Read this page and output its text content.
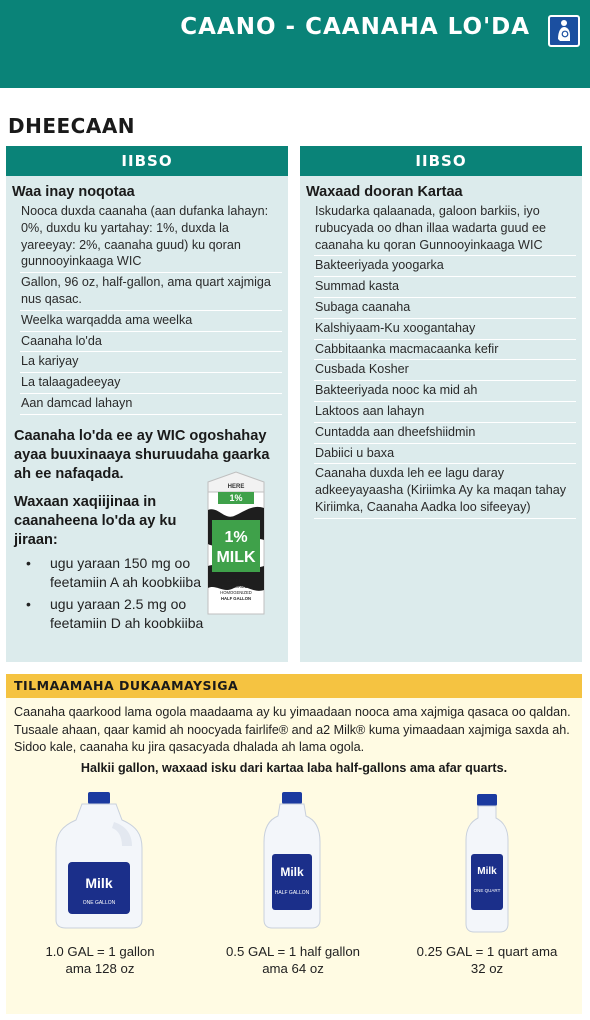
CAANO - CAANAHA LO'DA
DHEECAAN
IIBSO
Waa inay noqotaa
Nooca duxda caanaha (aan dufanka lahayn: 0%, duxdu ku yartahay: 1%, duxda la yareeyay: 2%, caanaha guud) ku qoran gunnooyinkaaga WIC
Gallon, 96 oz, half-gallon, ama quart xajmiga nus qasac.
Weelka warqadda ama weelka
Caanaha lo'da
La kariyay
La talaagadeeyay
Aan damcad lahayn
Caanaha lo'da ee ay WIC ogoshahay ayaa buuxinaaya shuruudaha gaarka ah ee nafaqada.
Waxaan xaqiijinaa in caanaheena lo'da ay ku jiraan:
• ugu yaraan 150 mg oo feetamiin A ah koobkiiba
• ugu yaraan 2.5 mg oo feetamiin D ah koobkiiba
HERE
1%
1%
MILK
GRADE A
PASTEURIZED
HOMOGENIZED
HALF GALLON
IIBSO
Waxaad dooran Kartaa
Iskudarka qalaanada, galoon barkiis, iyo rubucyada oo dhan illaa wadarta guud ee caanaha ku qoran Gunnooyinkaaga WIC
Bakteeriyada yoogarka
Summad kasta
Subaga caanaha
Kalshiyaam-Ku xoogantahay
Cabbitaanka macmacaanka kefir
Cusbada Kosher
Bakteeriyada nooc ka mid ah
Laktoos aan lahayn
Cuntadda aan dheefshiidmin
Dabiici u baxa
Caanaha duxda leh ee lagu daray adkeeyayaasha (Kiriimka Ay ka maqan tahay Kiriimka, Caanaha Aadka loo sifeeyay)
TILMAAMAHA DUKAAMAYSIGA
Caanaha qaarkood lama ogola maadaama ay ku yimaadaan nooca ama xajmiga qasaca oo qaldan. Tusaale ahaan, qaar kamid ah noocyada fairlife® and a2 Milk® kuma yimaadaan xajmiga saxda ah. Sidoo kale, caanaha ku jira qasacyada dhalada ah lama ogola.
Halkii gallon, waxaad isku dari kartaa laba half-gallons ama afar quarts.
Milk
ONE GALLON
1.0 GAL = 1 gallon
ama 128 oz
Milk
HALF GALLON
0.5 GAL = 1 half gallon
ama 64 oz
Milk
ONE QUART
0.25 GAL = 1 quart ama
32 oz
